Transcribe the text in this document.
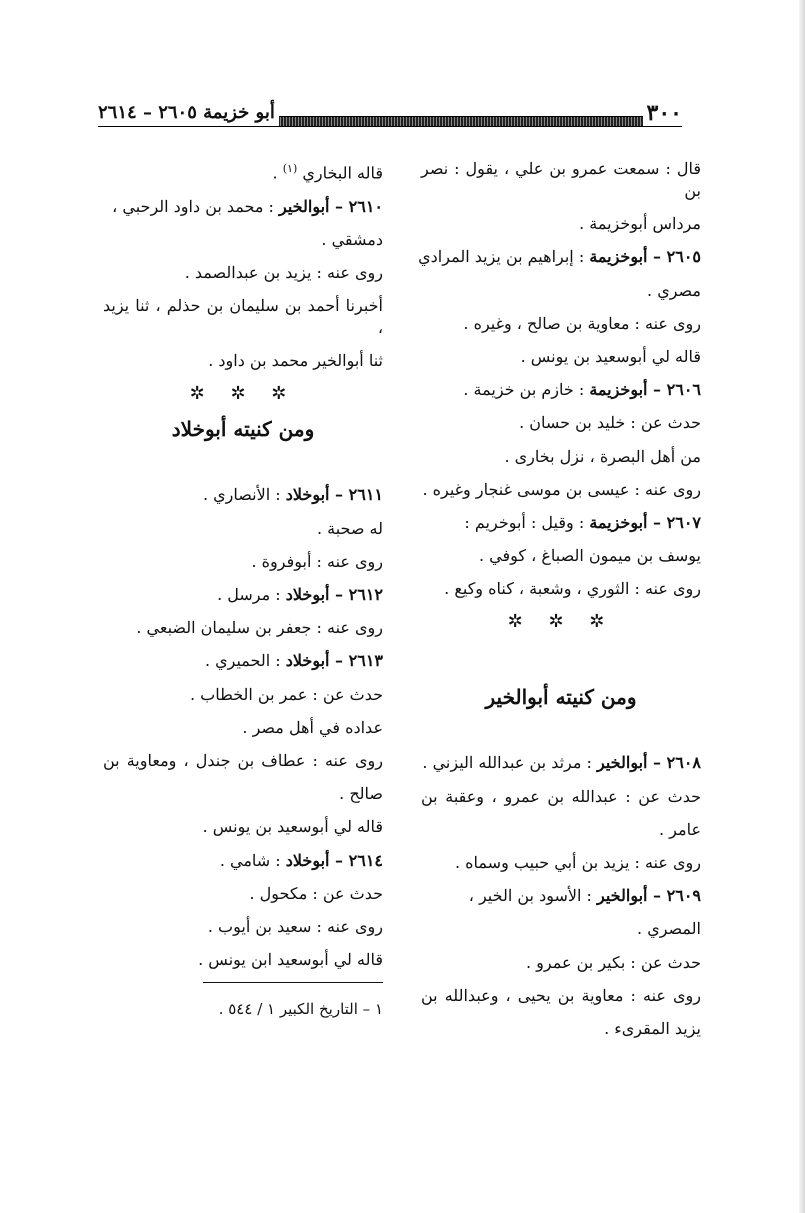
٣٠٠
أبو خزيمة ٢٦٠٥ – ٢٦١٤
قال : سمعت عمرو بن علي ، يقول : نصر بن
مرداس أبوخزيمة .
٢٦٠٥ – أبوخزيمة : إبراهيم بن يزيد المرادي
مصري .
روى عنه : معاوية بن صالح ، وغيره .
قاله لي أبوسعيد بن يونس .
٢٦٠٦ – أبوخزيمة : خازم بن خزيمة .
حدث عن : خليد بن حسان .
من أهل البصرة ، نزل بخارى .
روى عنه : عيسى بن موسى غنجار وغيره .
٢٦٠٧ – أبوخزيمة : وقيل : أبوخريم :
يوسف بن ميمون الصباغ ، كوفي .
روى عنه : الثوري ، وشعبة ، كناه وكيع .
✲ ✲ ✲
ومن كنيته أبوالخير
٢٦٠٨ – أبوالخير : مرثد بن عبدالله اليزني .
حدث عن : عبدالله بن عمرو ، وعقبة بن
عامر .
روى عنه : يزيد بن أبي حبيب وسماه .
٢٦٠٩ – أبوالخير : الأسود بن الخير ،
المصري .
حدث عن : بكير بن عمرو .
روى عنه : معاوية بن يحيى ، وعبدالله بن
يزيد المقرىء .
قاله البخاري $^{(١)}$ .
٢٦١٠ – أبوالخير : محمد بن داود الرحبي ،
دمشقي .
روى عنه : يزيد بن عبدالصمد .
أخبرنا أحمد بن سليمان بن حذلم ، ثنا يزيد ،
ثنا أبوالخير محمد بن داود .
✲ ✲ ✲
ومن كنيته أبوخلاد
٢٦١١ – أبوخلاد : الأنصاري .
له صحبة .
روى عنه : أبوفروة .
٢٦١٢ – أبوخلاد : مرسل .
روى عنه : جعفر بن سليمان الضبعي .
٢٦١٣ – أبوخلاد : الحميري .
حدث عن : عمر بن الخطاب .
عداده في أهل مصر .
روى عنه : عطاف بن جندل ، ومعاوية بن
صالح .
قاله لي أبوسعيد بن يونس .
٢٦١٤ – أبوخلاد : شامي .
حدث عن : مكحول .
روى عنه : سعيد بن أيوب .
قاله لي أبوسعيد ابن يونس .
١ – التاريخ الكبير ١ / ٥٤٤ .
